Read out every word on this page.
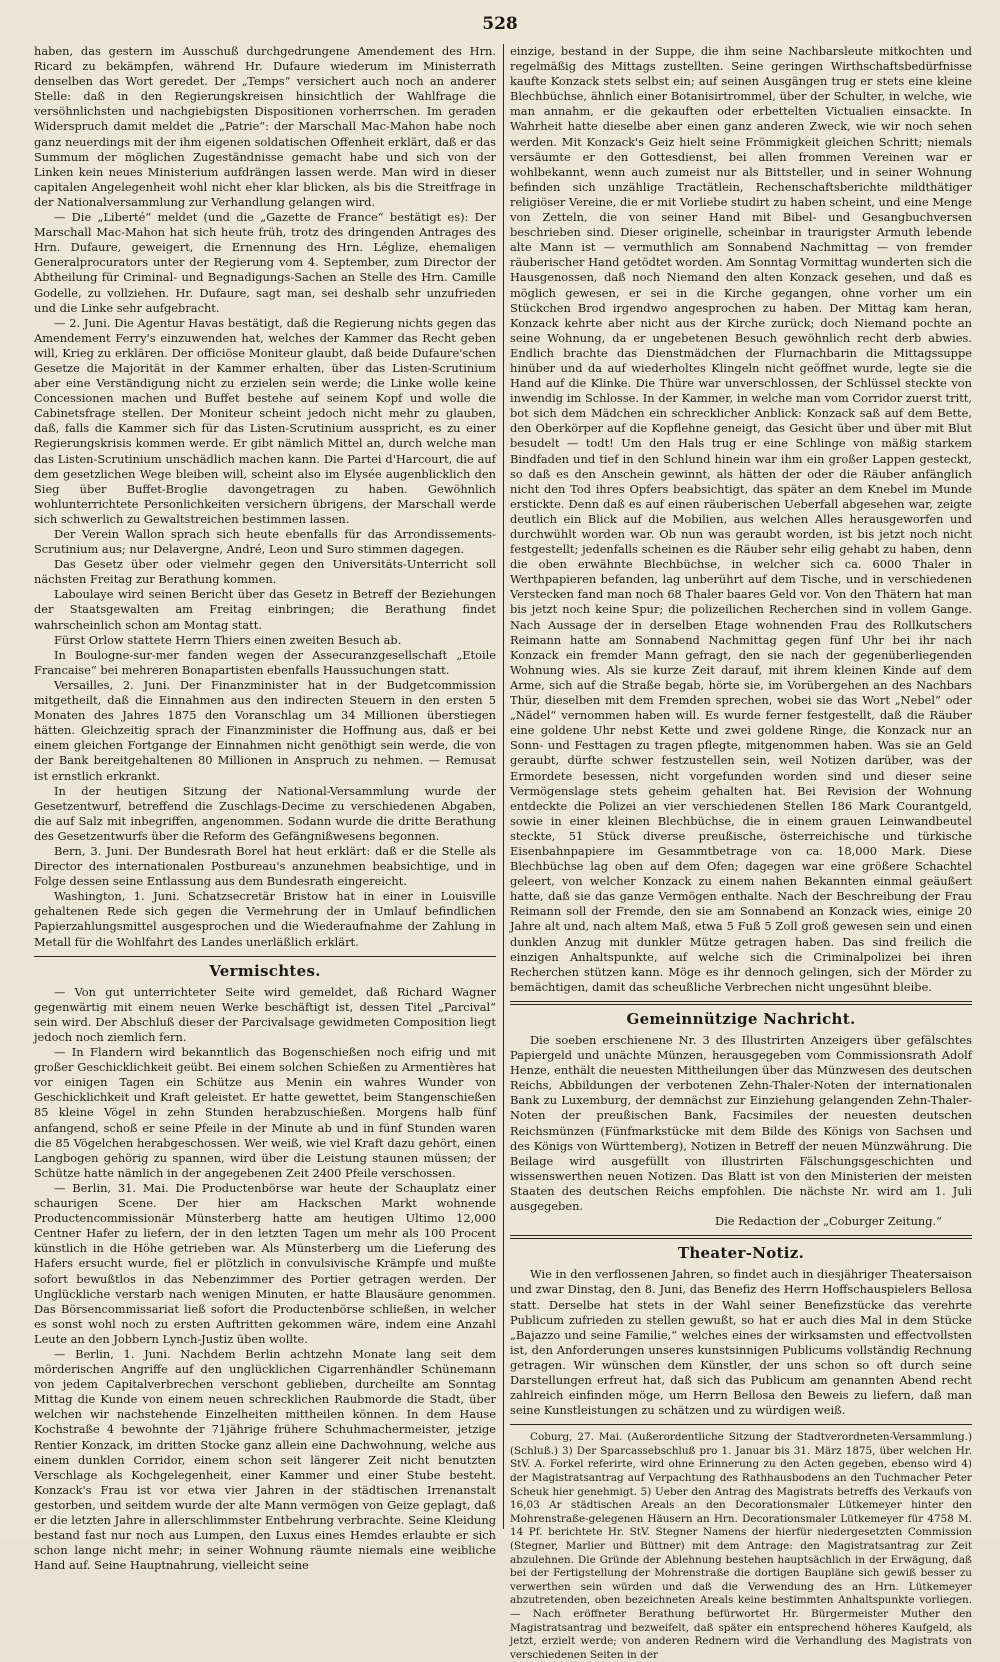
528

haben, das gestern im Ausschuß durchgedrungene Amendement des Hrn. Ricard zu bekämpfen, während Hr. Dufaure wiederum im Ministerrath denselben das Wort geredet. Der „Temps“ versichert auch noch an anderer Stelle: daß in den Regierungskreisen hinsichtlich der Wahlfrage die versöhnlichsten und nachgiebigsten Dispositionen vorherrschen. Im geraden Widerspruch damit meldet die „Patrie“: der Marschall Mac-Mahon habe noch ganz neuerdings mit der ihm eigenen soldatischen Offenheit erklärt, daß er das Summum der möglichen Zugeständnisse gemacht habe und sich von der Linken kein neues Ministerium aufdrängen lassen werde. Man wird in dieser capitalen Angelegenheit wohl nicht eher klar blicken, als bis die Streitfrage in der Nationalversammlung zur Verhandlung gelangen wird.

— Die „Liberté“ meldet (und die „Gazette de France“ bestätigt es): Der Marschall Mac-Mahon hat sich heute früh, trotz des dringenden Antrages des Hrn. Dufaure, geweigert, die Ernennung des Hrn. Léglize, ehemaligen Generalprocurators unter der Regierung vom 4. September, zum Director der Abtheilung für Criminal- und Begnadigungs-Sachen an Stelle des Hrn. Camille Godelle, zu vollziehen. Hr. Dufaure, sagt man, sei deshalb sehr unzufrieden und die Linke sehr aufgebracht.

— 2. Juni. Die Agentur Havas bestätigt, daß die Regierung nichts gegen das Amendement Ferry's einzuwenden hat, welches der Kammer das Recht geben will, Krieg zu erklären. Der officiöse Moniteur glaubt, daß beide Dufaure'schen Gesetze die Majorität in der Kammer erhalten, über das Listen-Scrutinium aber eine Verständigung nicht zu erzielen sein werde; die Linke wolle keine Concessionen machen und Buffet bestehe auf seinem Kopf und wolle die Cabinetsfrage stellen. Der Moniteur scheint jedoch nicht mehr zu glauben, daß, falls die Kammer sich für das Listen-Scrutinium ausspricht, es zu einer Regierungskrisis kommen werde. Er gibt nämlich Mittel an, durch welche man das Listen-Scrutinium unschädlich machen kann. Die Partei d'Harcourt, die auf dem gesetzlichen Wege bleiben will, scheint also im Elysée augenblicklich den Sieg über Buffet-Broglie davongetragen zu haben. Gewöhnlich wohlunterrichtete Personlichkeiten versichern übrigens, der Marschall werde sich schwerlich zu Gewaltstreichen bestimmen lassen.

Der Verein Wallon sprach sich heute ebenfalls für das Arrondissements-Scrutinium aus; nur Delavergne, André, Leon und Suro stimmen dagegen.

Das Gesetz über oder vielmehr gegen den Universitäts-Unterricht soll nächsten Freitag zur Berathung kommen.

Laboulaye wird seinen Bericht über das Gesetz in Betreff der Beziehungen der Staatsgewalten am Freitag einbringen; die Berathung findet wahrscheinlich schon am Montag statt.

Fürst Orlow stattete Herrn Thiers einen zweiten Besuch ab.

In Boulogne-sur-mer fanden wegen der Assecuranzgesellschaft „Etoile Francaise“ bei mehreren Bonapartisten ebenfalls Haussuchungen statt.

Versailles, 2. Juni. Der Finanzminister hat in der Budgetcommission mitgetheilt, daß die Einnahmen aus den indirecten Steuern in den ersten 5 Monaten des Jahres 1875 den Voranschlag um 34 Millionen überstiegen hätten. Gleichzeitig sprach der Finanzminister die Hoffnung aus, daß er bei einem gleichen Fortgange der Einnahmen nicht genöthigt sein werde, die von der Bank bereitgehaltenen 80 Millionen in Anspruch zu nehmen. — Remusat ist ernstlich erkrankt.

In der heutigen Sitzung der National-Versammlung wurde der Gesetzentwurf, betreffend die Zuschlags-Decime zu verschiedenen Abgaben, die auf Salz mit inbegriffen, angenommen. Sodann wurde die dritte Berathung des Gesetzentwurfs über die Reform des Gefängnißwesens begonnen.

Bern, 3. Juni. Der Bundesrath Borel hat heut erklärt: daß er die Stelle als Director des internationalen Postbureau's anzunehmen beabsichtige, und in Folge dessen seine Entlassung aus dem Bundesrath eingereicht.

Washington, 1. Juni. Schatzsecretär Bristow hat in einer in Louisville gehaltenen Rede sich gegen die Vermehrung der in Umlauf befindlichen Papierzahlungsmittel ausgesprochen und die Wiederaufnahme der Zahlung in Metall für die Wohlfahrt des Landes unerläßlich erklärt.

Vermischtes.

— Von gut unterrichteter Seite wird gemeldet, daß Richard Wagner gegenwärtig mit einem neuen Werke beschäftigt ist, dessen Titel „Parcival“ sein wird. Der Abschluß dieser der Parcivalsage gewidmeten Composition liegt jedoch noch ziemlich fern.

— In Flandern wird bekanntlich das Bogenschießen noch eifrig und mit großer Geschicklichkeit geübt. Bei einem solchen Schießen zu Armentières hat vor einigen Tagen ein Schütze aus Menin ein wahres Wunder von Geschicklichkeit und Kraft geleistet. Er hatte gewettet, beim Stangenschießen 85 kleine Vögel in zehn Stunden herabzuschießen. Morgens halb fünf anfangend, schoß er seine Pfeile in der Minute ab und in fünf Stunden waren die 85 Vögelchen herabgeschossen. Wer weiß, wie viel Kraft dazu gehört, einen Langbogen gehörig zu spannen, wird über die Leistung staunen müssen; der Schütze hatte nämlich in der angegebenen Zeit 2400 Pfeile verschossen.

— Berlin, 31. Mai. Die Productenbörse war heute der Schauplatz einer schaurigen Scene. Der hier am Hackschen Markt wohnende Productencommissionär Münsterberg hatte am heutigen Ultimo 12,000 Centner Hafer zu liefern, der in den letzten Tagen um mehr als 100 Procent künstlich in die Höhe getrieben war. Als Münsterberg um die Lieferung des Hafers ersucht wurde, fiel er plötzlich in convulsivische Krämpfe und mußte sofort bewußtlos in das Nebenzimmer des Portier getragen werden. Der Unglückliche verstarb nach wenigen Minuten, er hatte Blausäure genommen. Das Börsencommissariat ließ sofort die Productenbörse schließen, in welcher es sonst wohl noch zu ersten Auftritten gekommen wäre, indem eine Anzahl Leute an den Jobbern Lynch-Justiz üben wollte.

— Berlin, 1. Juni. Nachdem Berlin achtzehn Monate lang seit dem mörderischen Angriffe auf den unglücklichen Cigarrenhändler Schünemann von jedem Capitalverbrechen verschont geblieben, durcheilte am Sonntag Mittag die Kunde von einem neuen schrecklichen Raubmorde die Stadt, über welchen wir nachstehende Einzelheiten mittheilen können. In dem Hause Kochstraße 4 bewohnte der 71jährige frühere Schuhmachermeister, jetzige Rentier Konzack, im dritten Stocke ganz allein eine Dachwohnung, welche aus einem dunklen Corridor, einem schon seit längerer Zeit nicht benutzten Verschlage als Kochgelegenheit, einer Kammer und einer Stube besteht. Konzack's Frau ist vor etwa vier Jahren in der städtischen Irrenanstalt gestorben, und seitdem wurde der alte Mann vermögen von Geize geplagt, daß er die letzten Jahre in allerschlimmster Entbehrung verbrachte. Seine Kleidung bestand fast nur noch aus Lumpen, den Luxus eines Hemdes erlaubte er sich schon lange nicht mehr; in seiner Wohnung räumte niemals eine weibliche Hand auf. Seine Hauptnahrung, vielleicht seine

einzige, bestand in der Suppe, die ihm seine Nachbarsleute mitkochten und regelmäßig des Mittags zustellten. Seine geringen Wirthschaftsbedürfnisse kaufte Konzack stets selbst ein; auf seinen Ausgängen trug er stets eine kleine Blechbüchse, ähnlich einer Botanisirtrommel, über der Schulter, in welche, wie man annahm, er die gekauften oder erbettelten Victualien einsackte. In Wahrheit hatte dieselbe aber einen ganz anderen Zweck, wie wir noch sehen werden. Mit Konzack's Geiz hielt seine Frömmigkeit gleichen Schritt; niemals versäumte er den Gottesdienst, bei allen frommen Vereinen war er wohlbekannt, wenn auch zumeist nur als Bittsteller, und in seiner Wohnung befinden sich unzählige Tractätlein, Rechenschaftsberichte mildthätiger religiöser Vereine, die er mit Vorliebe studirt zu haben scheint, und eine Menge von Zetteln, die von seiner Hand mit Bibel- und Gesangbuchversen beschrieben sind. Dieser originelle, scheinbar in traurigster Armuth lebende alte Mann ist — vermuthlich am Sonnabend Nachmittag — von fremder räuberischer Hand getödtet worden. Am Sonntag Vormittag wunderten sich die Hausgenossen, daß noch Niemand den alten Konzack gesehen, und daß es möglich gewesen, er sei in die Kirche gegangen, ohne vorher um ein Stückchen Brod irgendwo angesprochen zu haben. Der Mittag kam heran, Konzack kehrte aber nicht aus der Kirche zurück; doch Niemand pochte an seine Wohnung, da er ungebetenen Besuch gewöhnlich recht derb abwies. Endlich brachte das Dienstmädchen der Flurnachbarin die Mittagssuppe hinüber und da auf wiederholtes Klingeln nicht geöffnet wurde, legte sie die Hand auf die Klinke. Die Thüre war unverschlossen, der Schlüssel steckte von inwendig im Schlosse. In der Kammer, in welche man vom Corridor zuerst tritt, bot sich dem Mädchen ein schrecklicher Anblick: Konzack saß auf dem Bette, den Oberkörper auf die Kopflehne geneigt, das Gesicht über und über mit Blut besudelt — todt! Um den Hals trug er eine Schlinge von mäßig starkem Bindfaden und tief in den Schlund hinein war ihm ein großer Lappen gesteckt, so daß es den Anschein gewinnt, als hätten der oder die Räuber anfänglich nicht den Tod ihres Opfers beabsichtigt, das später an dem Knebel im Munde erstickte. Denn daß es auf einen räuberischen Ueberfall abgesehen war, zeigte deutlich ein Blick auf die Mobilien, aus welchen Alles herausgeworfen und durchwühlt worden war. Ob nun was geraubt worden, ist bis jetzt noch nicht festgestellt; jedenfalls scheinen es die Räuber sehr eilig gehabt zu haben, denn die oben erwähnte Blechbüchse, in welcher sich ca. 6000 Thaler in Werthpapieren befanden, lag unberührt auf dem Tische, und in verschiedenen Verstecken fand man noch 68 Thaler baares Geld vor. Von den Thätern hat man bis jetzt noch keine Spur; die polizeilichen Recherchen sind in vollem Gange. Nach Aussage der in derselben Etage wohnenden Frau des Rollkutschers Reimann hatte am Sonnabend Nachmittag gegen fünf Uhr bei ihr nach Konzack ein fremder Mann gefragt, den sie nach der gegenüberliegenden Wohnung wies. Als sie kurze Zeit darauf, mit ihrem kleinen Kinde auf dem Arme, sich auf die Straße begab, hörte sie, im Vorübergehen an des Nachbars Thür, dieselben mit dem Fremden sprechen, wobei sie das Wort „Nebel“ oder „Nädel“ vernommen haben will. Es wurde ferner festgestellt, daß die Räuber eine goldene Uhr nebst Kette und zwei goldene Ringe, die Konzack nur an Sonn- und Festtagen zu tragen pflegte, mitgenommen haben. Was sie an Geld geraubt, dürfte schwer festzustellen sein, weil Notizen darüber, was der Ermordete besessen, nicht vorgefunden worden sind und dieser seine Vermögenslage stets geheim gehalten hat. Bei Revision der Wohnung entdeckte die Polizei an vier verschiedenen Stellen 186 Mark Courantgeld, sowie in einer kleinen Blechbüchse, die in einem grauen Leinwandbeutel steckte, 51 Stück diverse preußische, österreichische und türkische Eisenbahnpapiere im Gesammtbetrage von ca. 18,000 Mark. Diese Blechbüchse lag oben auf dem Ofen; dagegen war eine größere Schachtel geleert, von welcher Konzack zu einem nahen Bekannten einmal geäußert hatte, daß sie das ganze Vermögen enthalte. Nach der Beschreibung der Frau Reimann soll der Fremde, den sie am Sonnabend an Konzack wies, einige 20 Jahre alt und, nach altem Maß, etwa 5 Fuß 5 Zoll groß gewesen sein und einen dunklen Anzug mit dunkler Mütze getragen haben. Das sind freilich die einzigen Anhaltspunkte, auf welche sich die Criminalpolizei bei ihren Recherchen stützen kann. Möge es ihr dennoch gelingen, sich der Mörder zu bemächtigen, damit das scheußliche Verbrechen nicht ungesühnt bleibe.

Gemeinnützige Nachricht.

Die soeben erschienene Nr. 3 des Illustrirten Anzeigers über gefälschtes Papiergeld und unächte Münzen, herausgegeben vom Commissionsrath Adolf Henze, enthält die neuesten Mittheilungen über das Münzwesen des deutschen Reichs, Abbildungen der verbotenen Zehn-Thaler-Noten der internationalen Bank zu Luxemburg, der demnächst zur Einziehung gelangenden Zehn-Thaler-Noten der preußischen Bank, Facsimiles der neuesten deutschen Reichsmünzen (Fünfmarkstücke mit dem Bilde des Königs von Sachsen und des Königs von Württemberg), Notizen in Betreff der neuen Münzwährung. Die Beilage wird ausgefüllt von illustrirten Fälschungsgeschichten und wissenswerthen neuen Notizen. Das Blatt ist von den Ministerien der meisten Staaten des deutschen Reichs empfohlen. Die nächste Nr. wird am 1. Juli ausgegeben.

Die Redaction der „Coburger Zeitung.“

Theater-Notiz.

Wie in den verflossenen Jahren, so findet auch in diesjähriger Theatersaison und zwar Dinstag, den 8. Juni, das Benefiz des Herrn Hoffschauspielers Bellosa statt. Derselbe hat stets in der Wahl seiner Benefizstücke das verehrte Publicum zufrieden zu stellen gewußt, so hat er auch dies Mal in dem Stücke „Bajazzo und seine Familie,“ welches eines der wirksamsten und effectvollsten ist, den Anforderungen unseres kunstsinnigen Publicums vollständig Rechnung getragen. Wir wünschen dem Künstler, der uns schon so oft durch seine Darstellungen erfreut hat, daß sich das Publicum am genannten Abend recht zahlreich einfinden möge, um Herrn Bellosa den Beweis zu liefern, daß man seine Kunstleistungen zu schätzen und zu würdigen weiß.

Coburg, 27. Mai. (Außerordentliche Sitzung der Stadtverordneten-Versammlung.) (Schluß.) 3) Der Sparcassebschluß pro 1. Januar bis 31. März 1875, über welchen Hr. StV. A. Forkel referirte, wird ohne Erinnerung zu den Acten gegeben, ebenso wird 4) der Magistratsantrag auf Verpachtung des Rathhausbodens an den Tuchmacher Peter Scheuk hier genehmigt. 5) Ueber den Antrag des Magistrats betreffs des Verkaufs von 16,03 Ar städtischen Areals an den Decorationsmaler Lütkemeyer hinter den Mohrenstraße-gelegenen Häusern an Hrn. Decorationsmaler Lütkemeyer für 4758 M. 14 Pf. berichtete Hr. StV. Stegner Namens der hierfür niedergesetzten Commission (Stegner, Marlier und Büttner) mit dem Antrage: den Magistratsantrag zur Zeit abzulehnen. Die Gründe der Ablehnung bestehen hauptsächlich in der Erwägung, daß bei der Fertigstellung der Mohrenstraße die dortigen Baupläne sich gewiß besser zu verwerthen sein würden und daß die Verwendung des an Hrn. Lütkemeyer abzutretenden, oben bezeichneten Areals keine bestimmten Anhaltspunkte vorliegen. — Nach eröffneter Berathung befürwortet Hr. Bürgermeister Muther den Magistratsantrag und bezweifelt, daß später ein entsprechend höheres Kaufgeld, als jetzt, erzielt werde; von anderen Rednern wird die Verhandlung des Magistrats von verschiedenen Seiten in der
